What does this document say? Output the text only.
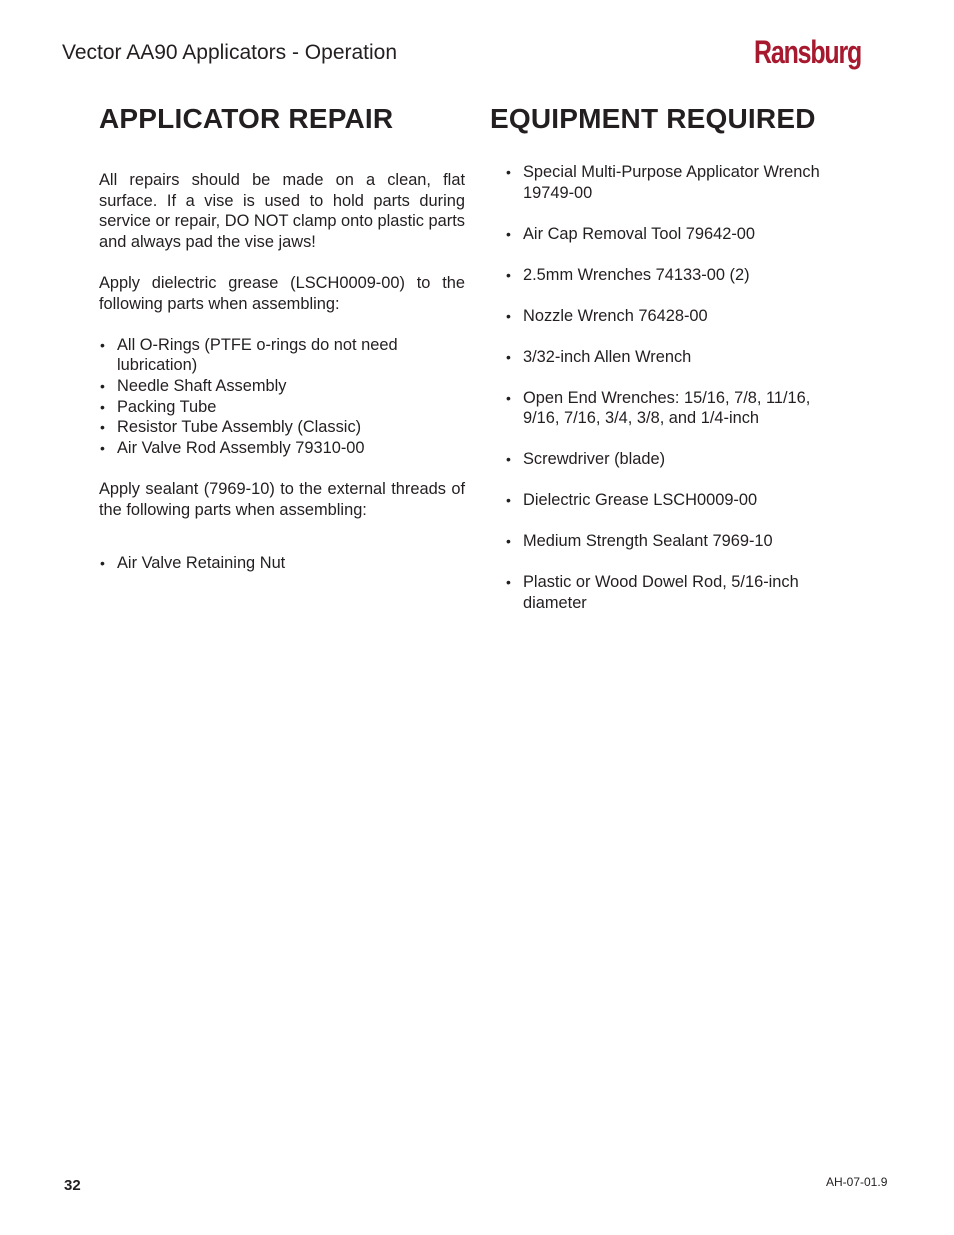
Vector AA90 Applicators - Operation	Ransburg
APPLICATOR REPAIR	EQUIPMENT REQUIRED

All repairs should be made on a clean, flat surface. If a vise is used to hold parts during service or repair, DO NOT clamp onto plastic parts and always pad the vise jaws!

Apply dielectric grease (LSCH0009-00) to the following parts when assembling:

• All O-Rings (PTFE o-rings do not need lubrication)
• Needle Shaft Assembly
• Packing Tube
• Resistor Tube Assembly (Classic)
• Air Valve Rod Assembly 79310-00

Apply sealant (7969-10) to the external threads of the following parts when assembling:

• Air Valve Retaining Nut
• Special Multi-Purpose Applicator Wrench 19749-00
• Air Cap Removal Tool 79642-00
• 2.5mm Wrenches 74133-00 (2)
• Nozzle Wrench 76428-00
• 3/32-inch Allen Wrench
• Open End Wrenches: 15/16, 7/8, 11/16, 9/16, 7/16, 3/4, 3/8, and 1/4-inch
• Screwdriver (blade)
• Dielectric Grease LSCH0009-00
• Medium Strength Sealant 7969-10
• Plastic or Wood Dowel Rod, 5/16-inch diameter
32	AH-07-01.9
